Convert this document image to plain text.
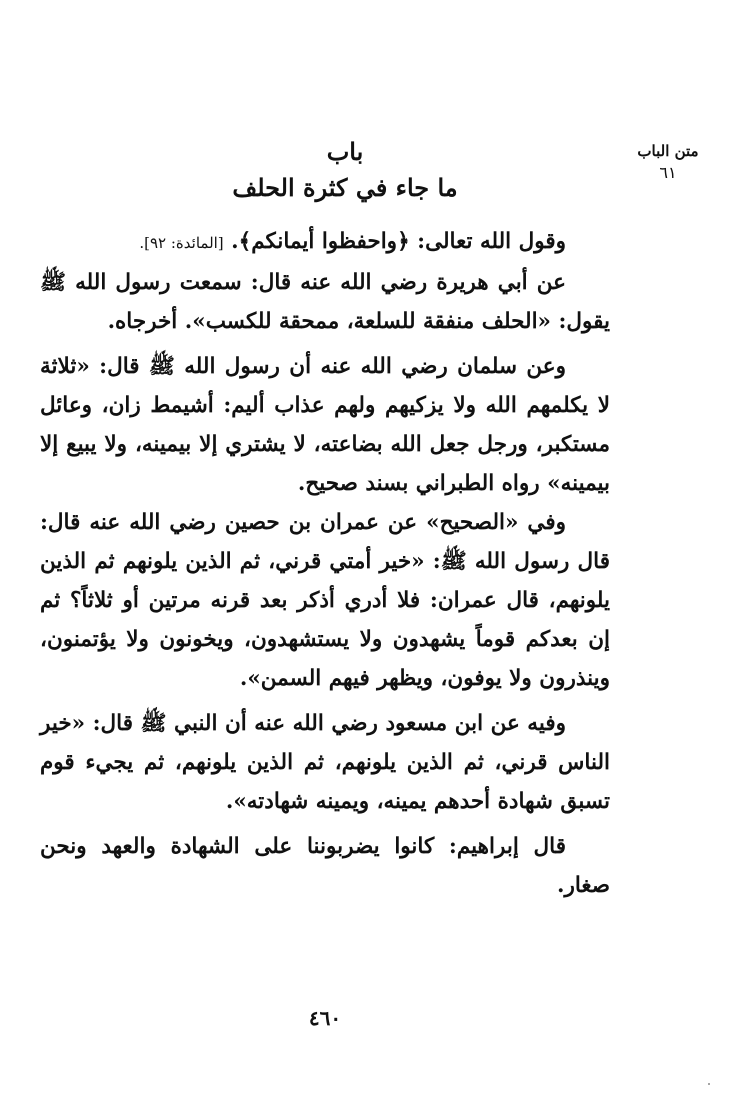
متن الباب
٦١
باب
ما جاء في كثرة الحلف

وقول الله تعالى: ﴿واحفظوا أيمانكم﴾. [المائدة: ٩٢].

عن أبي هريرة رضي الله عنه قال: سمعت رسول الله ﷺ يقول: «الحلف منفقة للسلعة، ممحقة للكسب». أخرجاه.

وعن سلمان رضي الله عنه أن رسول الله ﷺ قال: «ثلاثة لا يكلمهم الله ولا يزكيهم ولهم عذاب أليم: أشيمط زان، وعائل مستكبر، ورجل جعل الله بضاعته، لا يشتري إلا بيمينه، ولا يبيع إلا بيمينه» رواه الطبراني بسند صحيح.

وفي «الصحيح» عن عمران بن حصين رضي الله عنه قال: قال رسول الله ﷺ: «خير أمتي قرني، ثم الذين يلونهم ثم الذين يلونهم، قال عمران: فلا أدري أذكر بعد قرنه مرتين أو ثلاثاً؟ ثم إن بعدكم قوماً يشهدون ولا يستشهدون، ويخونون ولا يؤتمنون، وينذرون ولا يوفون، ويظهر فيهم السمن».

وفيه عن ابن مسعود رضي الله عنه أن النبي ﷺ قال: «خير الناس قرني، ثم الذين يلونهم، ثم الذين يلونهم، ثم يجيء قوم تسبق شهادة أحدهم يمينه، ويمينه شهادته».

قال إبراهيم: كانوا يضربوننا على الشهادة والعهد ونحن صغار.

٤٦٠
